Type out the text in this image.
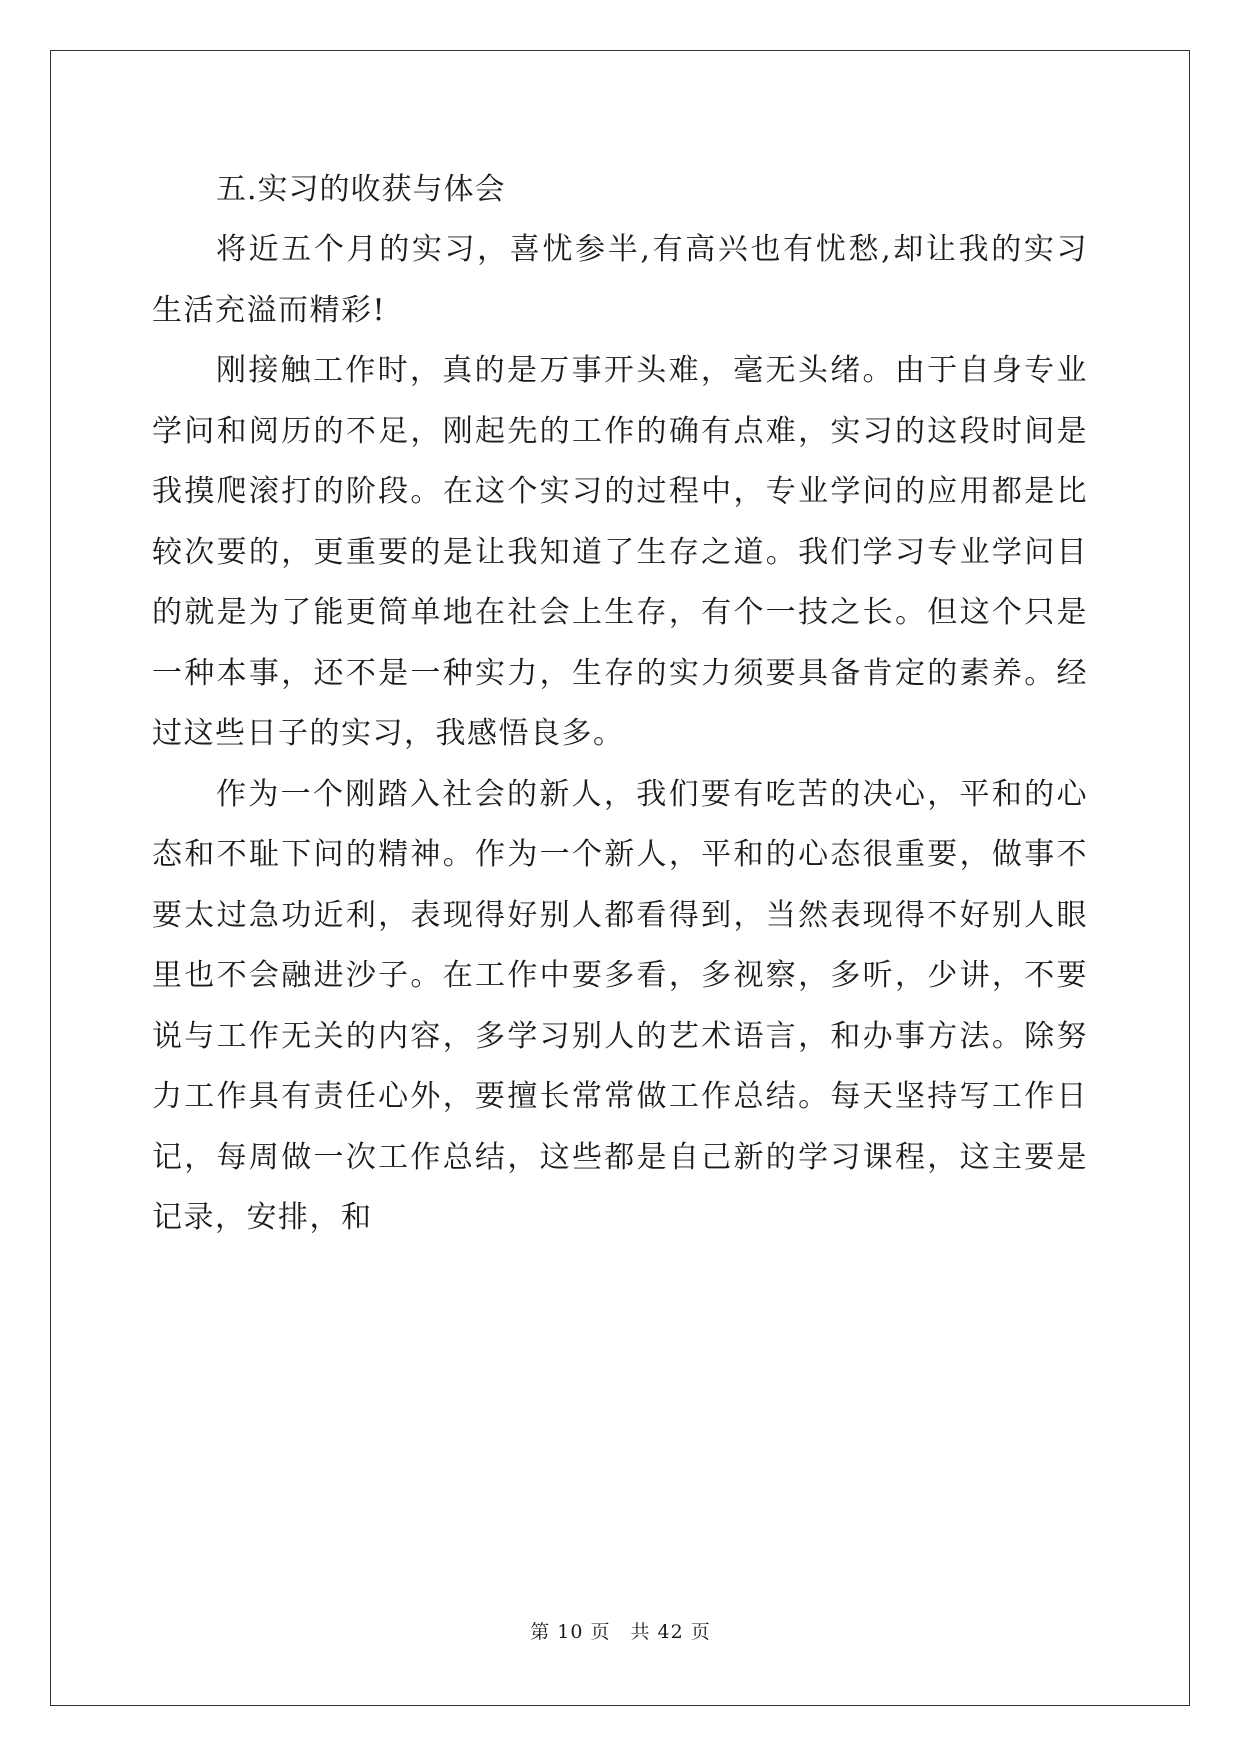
五.实习的收获与体会

将近五个月的实习，喜忧参半,有高兴也有忧愁,却让我的实习生活充溢而精彩!

刚接触工作时，真的是万事开头难，毫无头绪。由于自身专业学问和阅历的不足，刚起先的工作的确有点难，实习的这段时间是我摸爬滚打的阶段。在这个实习的过程中，专业学问的应用都是比较次要的，更重要的是让我知道了生存之道。我们学习专业学问目的就是为了能更简单地在社会上生存，有个一技之长。但这个只是一种本事，还不是一种实力，生存的实力须要具备肯定的素养。经过这些日子的实习，我感悟良多。

作为一个刚踏入社会的新人，我们要有吃苦的决心，平和的心态和不耻下问的精神。作为一个新人，平和的心态很重要，做事不要太过急功近利，表现得好别人都看得到，当然表现得不好别人眼里也不会融进沙子。在工作中要多看，多视察，多听，少讲，不要说与工作无关的内容，多学习别人的艺术语言，和办事方法。除努力工作具有责任心外，要擅长常常做工作总结。每天坚持写工作日记，每周做一次工作总结，这些都是自己新的学习课程，这主要是记录，安排，和

第 10 页 共 42 页
